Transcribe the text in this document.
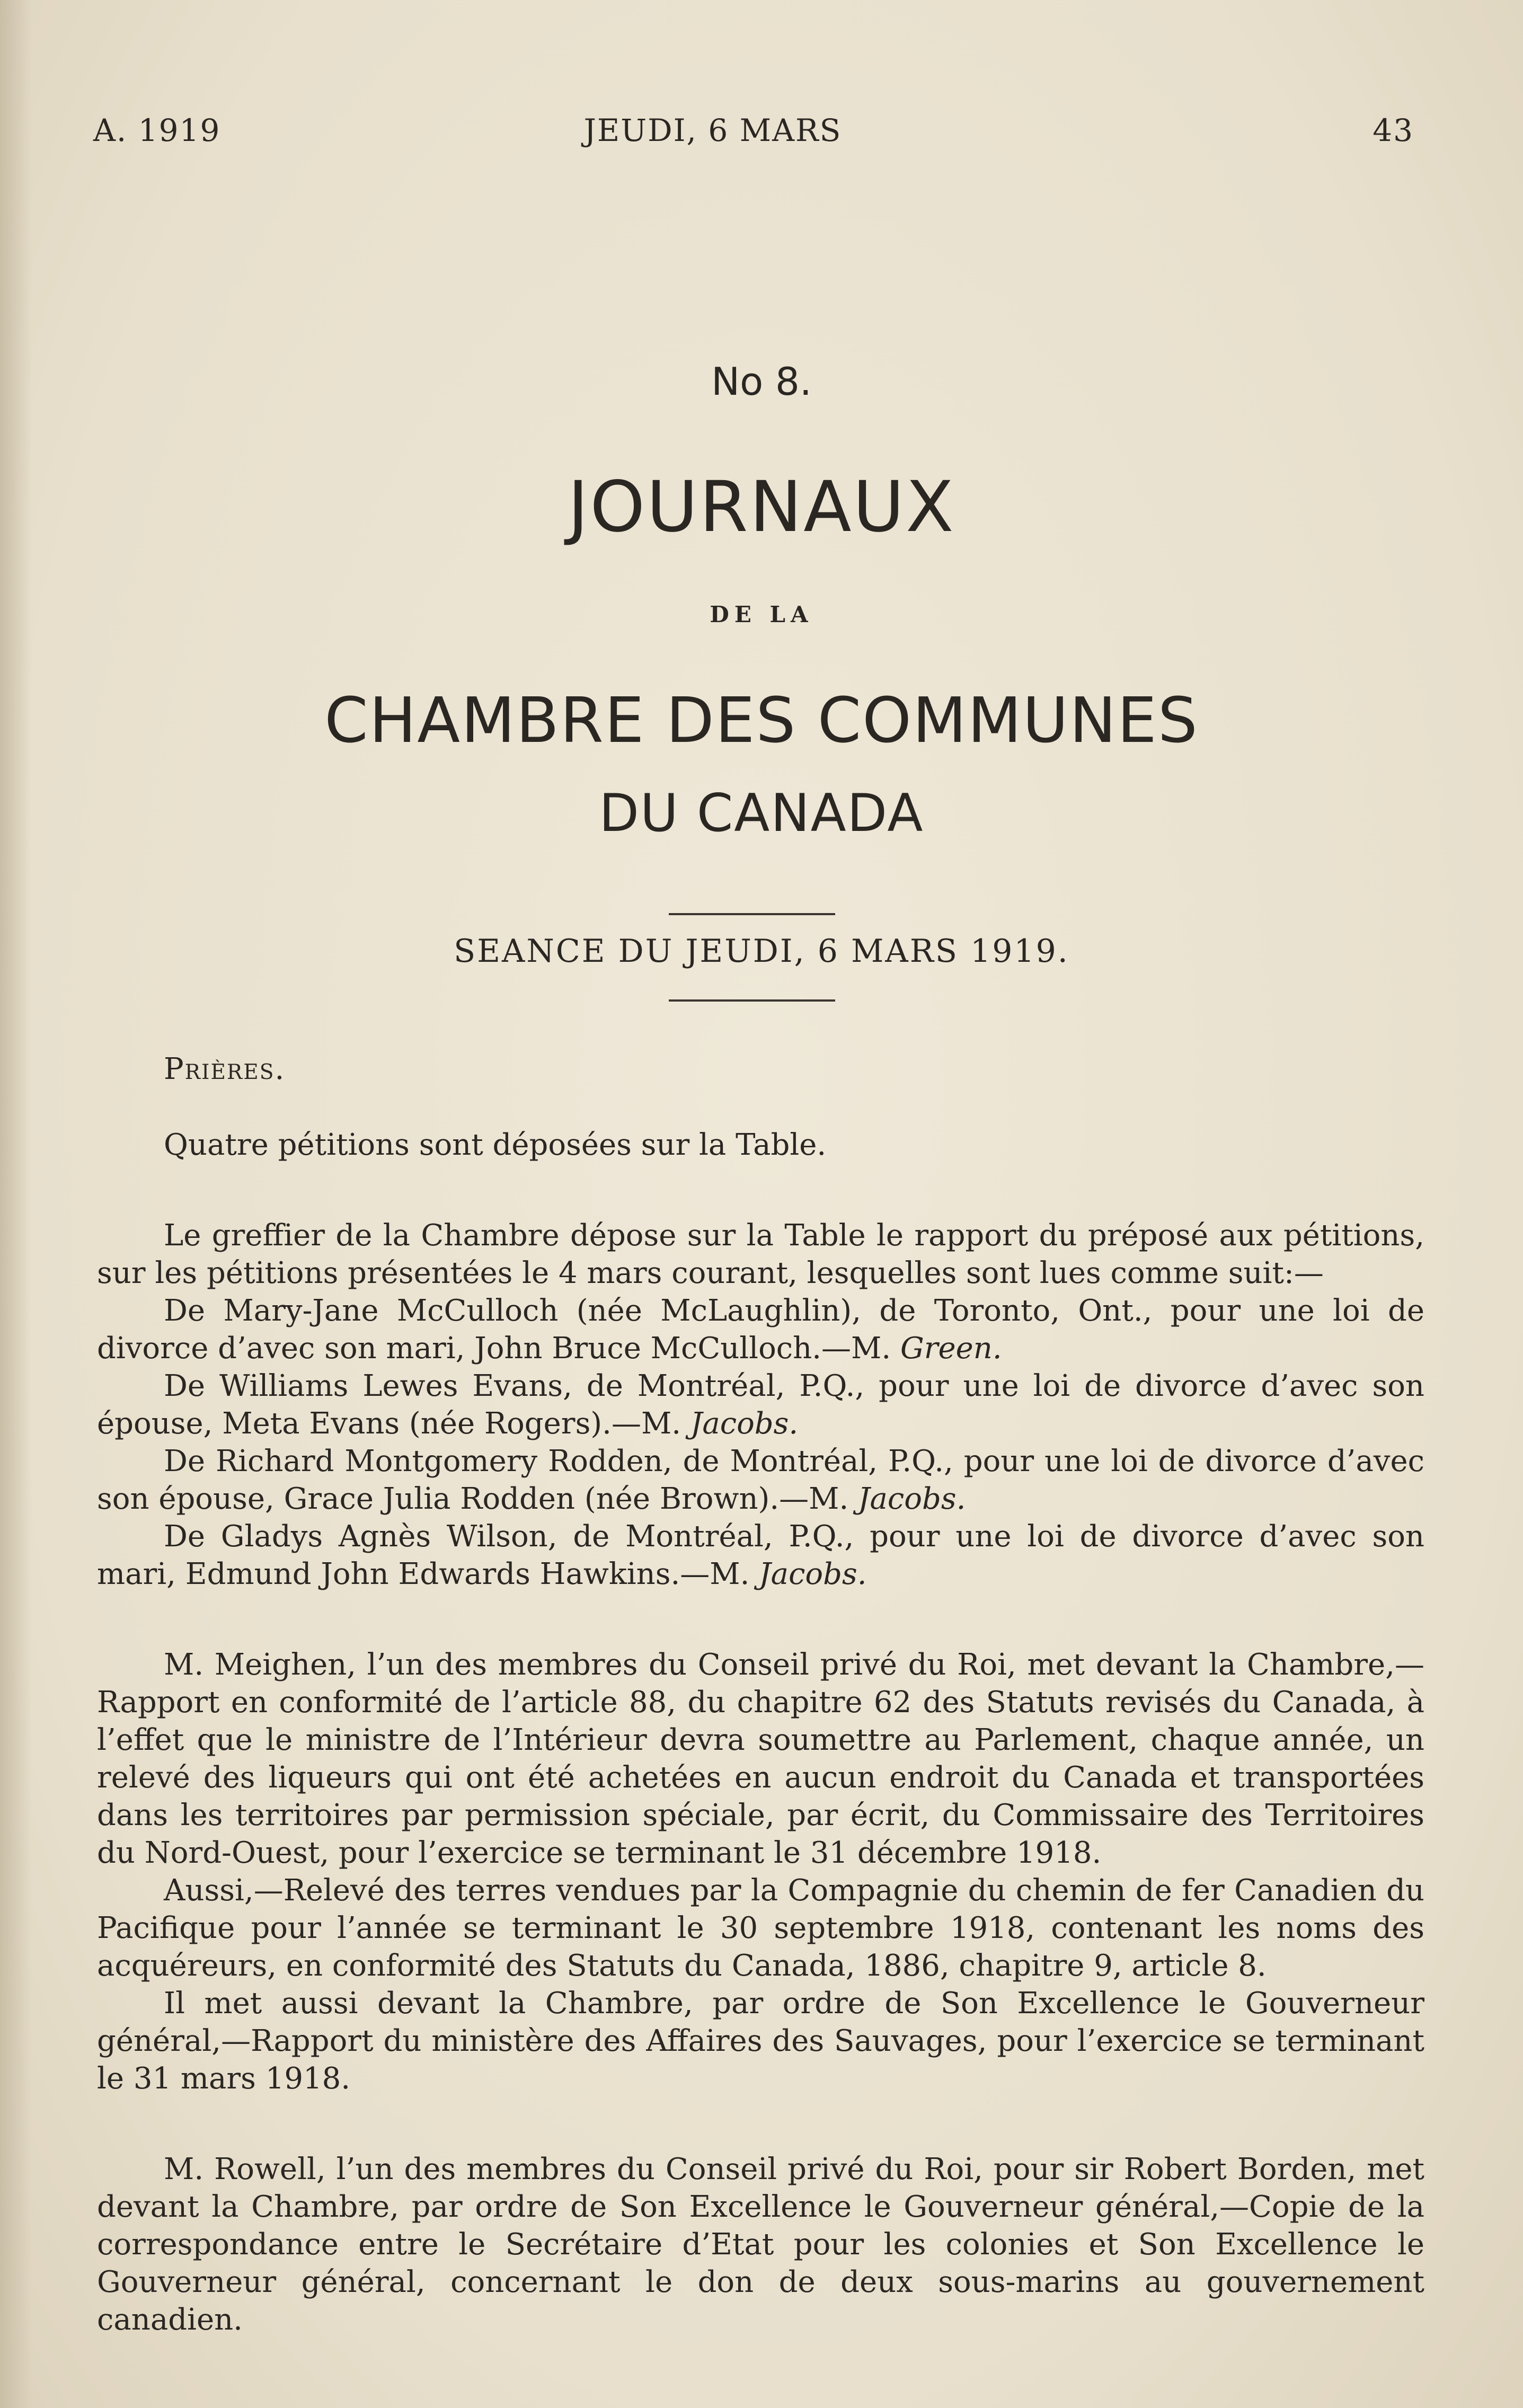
A. 1919	JEUDI, 6 MARS	43
No 8.
JOURNAUX
DE LA
CHAMBRE DES COMMUNES
DU CANADA
SEANCE DU JEUDI, 6 MARS 1919.

Prières.

Quatre pétitions sont déposées sur la Table.

Le greffier de la Chambre dépose sur la Table le rapport du préposé aux pétitions, sur les pétitions présentées le 4 mars courant, lesquelles sont lues comme suit:—

De Mary-Jane McCulloch (née McLaughlin), de Toronto, Ont., pour une loi de divorce d’avec son mari, John Bruce McCulloch.—M. Green.

De Williams Lewes Evans, de Montréal, P.Q., pour une loi de divorce d’avec son épouse, Meta Evans (née Rogers).—M. Jacobs.

De Richard Montgomery Rodden, de Montréal, P.Q., pour une loi de divorce d’avec son épouse, Grace Julia Rodden (née Brown).—M. Jacobs.

De Gladys Agnès Wilson, de Montréal, P.Q., pour une loi de divorce d’avec son mari, Edmund John Edwards Hawkins.—M. Jacobs.

M. Meighen, l’un des membres du Conseil privé du Roi, met devant la Chambre,—Rapport en conformité de l’article 88, du chapitre 62 des Statuts revisés du Canada, à l’effet que le ministre de l’Intérieur devra soumettre au Parlement, chaque année, un relevé des liqueurs qui ont été achetées en aucun endroit du Canada et transportées dans les territoires par permission spéciale, par écrit, du Commissaire des Territoires du Nord-Ouest, pour l’exercice se terminant le 31 décembre 1918.

Aussi,—Relevé des terres vendues par la Compagnie du chemin de fer Canadien du Pacifique pour l’année se terminant le 30 septembre 1918, contenant les noms des acquéreurs, en conformité des Statuts du Canada, 1886, chapitre 9, article 8.

Il met aussi devant la Chambre, par ordre de Son Excellence le Gouverneur général,—Rapport du ministère des Affaires des Sauvages, pour l’exercice se terminant le 31 mars 1918.

M. Rowell, l’un des membres du Conseil privé du Roi, pour sir Robert Borden, met devant la Chambre, par ordre de Son Excellence le Gouverneur général,—Copie de la correspondance entre le Secrétaire d’Etat pour les colonies et Son Excellence le Gouverneur général, concernant le don de deux sous-marins au gouvernement canadien.
